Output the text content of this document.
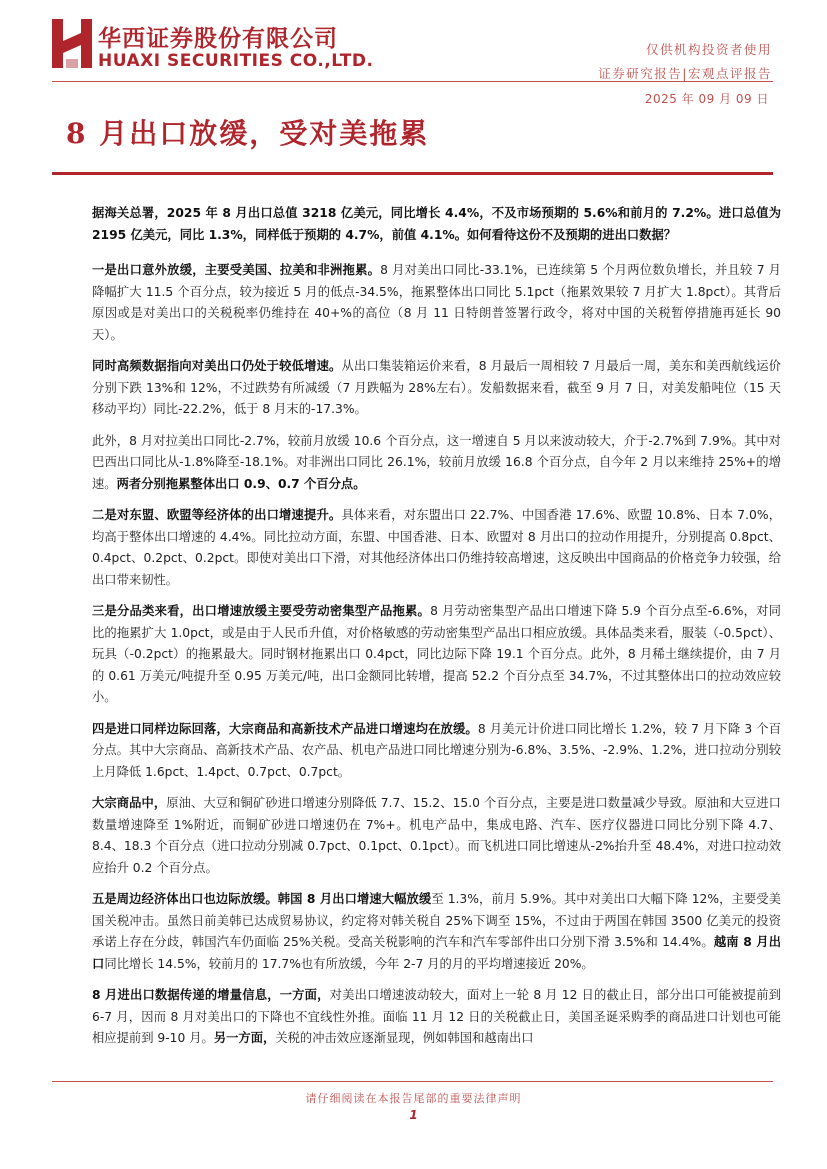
华西证券股份有限公司
HUAXI SECURITIES CO.,LTD.
仅供机构投资者使用
证券研究报告|宏观点评报告
2025 年 09 月 09 日
8 月出口放缓，受对美拖累

据海关总署，2025 年 8 月出口总值 3218 亿美元，同比增长 4.4%，不及市场预期的 5.6%和前月的 7.2%。进口总值为 2195 亿美元，同比 1.3%，同样低于预期的 4.7%，前值 4.1%。如何看待这份不及预期的进出口数据？

一是出口意外放缓，主要受美国、拉美和非洲拖累。8 月对美出口同比-33.1%，已连续第 5 个月两位数负增长，并且较 7 月降幅扩大 11.5 个百分点，较为接近 5 月的低点-34.5%，拖累整体出口同比 5.1pct（拖累效果较 7 月扩大 1.8pct）。其背后原因或是对美出口的关税税率仍维持在 40+%的高位（8 月 11 日特朗普签署行政令，将对中国的关税暂停措施再延长 90 天）。

同时高频数据指向对美出口仍处于较低增速。从出口集装箱运价来看，8 月最后一周相较 7 月最后一周，美东和美西航线运价分别下跌 13%和 12%，不过跌势有所减缓（7 月跌幅为 28%左右）。发船数据来看，截至 9 月 7 日，对美发船吨位（15 天移动平均）同比-22.2%，低于 8 月末的-17.3%。

此外，8 月对拉美出口同比-2.7%，较前月放缓 10.6 个百分点，这一增速自 5 月以来波动较大，介于-2.7%到 7.9%。其中对巴西出口同比从-1.8%降至-18.1%。对非洲出口同比 26.1%，较前月放缓 16.8 个百分点，自今年 2 月以来维持 25%+的增速。两者分别拖累整体出口 0.9、0.7 个百分点。

二是对东盟、欧盟等经济体的出口增速提升。具体来看，对东盟出口 22.7%、中国香港 17.6%、欧盟 10.8%、日本 7.0%，均高于整体出口增速的 4.4%。同比拉动方面，东盟、中国香港、日本、欧盟对 8 月出口的拉动作用提升，分别提高 0.8pct、0.4pct、0.2pct、0.2pct。即使对美出口下滑，对其他经济体出口仍维持较高增速，这反映出中国商品的价格竞争力较强，给出口带来韧性。

三是分品类来看，出口增速放缓主要受劳动密集型产品拖累。8 月劳动密集型产品出口增速下降 5.9 个百分点至-6.6%，对同比的拖累扩大 1.0pct，或是由于人民币升值，对价格敏感的劳动密集型产品出口相应放缓。具体品类来看，服装（-0.5pct）、玩具（-0.2pct）的拖累最大。同时钢材拖累出口 0.4pct，同比边际下降 19.1 个百分点。此外，8 月稀土继续提价，由 7 月的 0.61 万美元/吨提升至 0.95 万美元/吨，出口金额同比转增，提高 52.2 个百分点至 34.7%，不过其整体出口的拉动效应较小。

四是进口同样边际回落，大宗商品和高新技术产品进口增速均在放缓。8 月美元计价进口同比增长 1.2%，较 7 月下降 3 个百分点。其中大宗商品、高新技术产品、农产品、机电产品进口同比增速分别为-6.8%、3.5%、-2.9%、1.2%，进口拉动分别较上月降低 1.6pct、1.4pct、0.7pct、0.7pct。

大宗商品中，原油、大豆和铜矿砂进口增速分别降低 7.7、15.2、15.0 个百分点，主要是进口数量减少导致。原油和大豆进口数量增速降至 1%附近，而铜矿砂进口增速仍在 7%+。机电产品中，集成电路、汽车、医疗仪器进口同比分别下降 4.7、8.4、18.3 个百分点（进口拉动分别减 0.7pct、0.1pct、0.1pct）。而飞机进口同比增速从-2%抬升至 48.4%，对进口拉动效应抬升 0.2 个百分点。

五是周边经济体出口也边际放缓。韩国 8 月出口增速大幅放缓至 1.3%，前月 5.9%。其中对美出口大幅下降 12%，主要受美国关税冲击。虽然日前美韩已达成贸易协议，约定将对韩关税自 25%下调至 15%，不过由于两国在韩国 3500 亿美元的投资承诺上存在分歧，韩国汽车仍面临 25%关税。受高关税影响的汽车和汽车零部件出口分别下滑 3.5%和 14.4%。越南 8 月出口同比增长 14.5%，较前月的 17.7%也有所放缓，今年 2-7 月的月的平均增速接近 20%。

8 月进出口数据传递的增量信息，一方面，对美出口增速波动较大，面对上一轮 8 月 12 日的截止日，部分出口可能被提前到 6-7 月，因而 8 月对美出口的下降也不宜线性外推。面临 11 月 12 日的关税截止日，美国圣诞采购季的商品进口计划也可能相应提前到 9-10 月。另一方面，关税的冲击效应逐渐显现，例如韩国和越南出口

请仔细阅读在本报告尾部的重要法律声明
1
